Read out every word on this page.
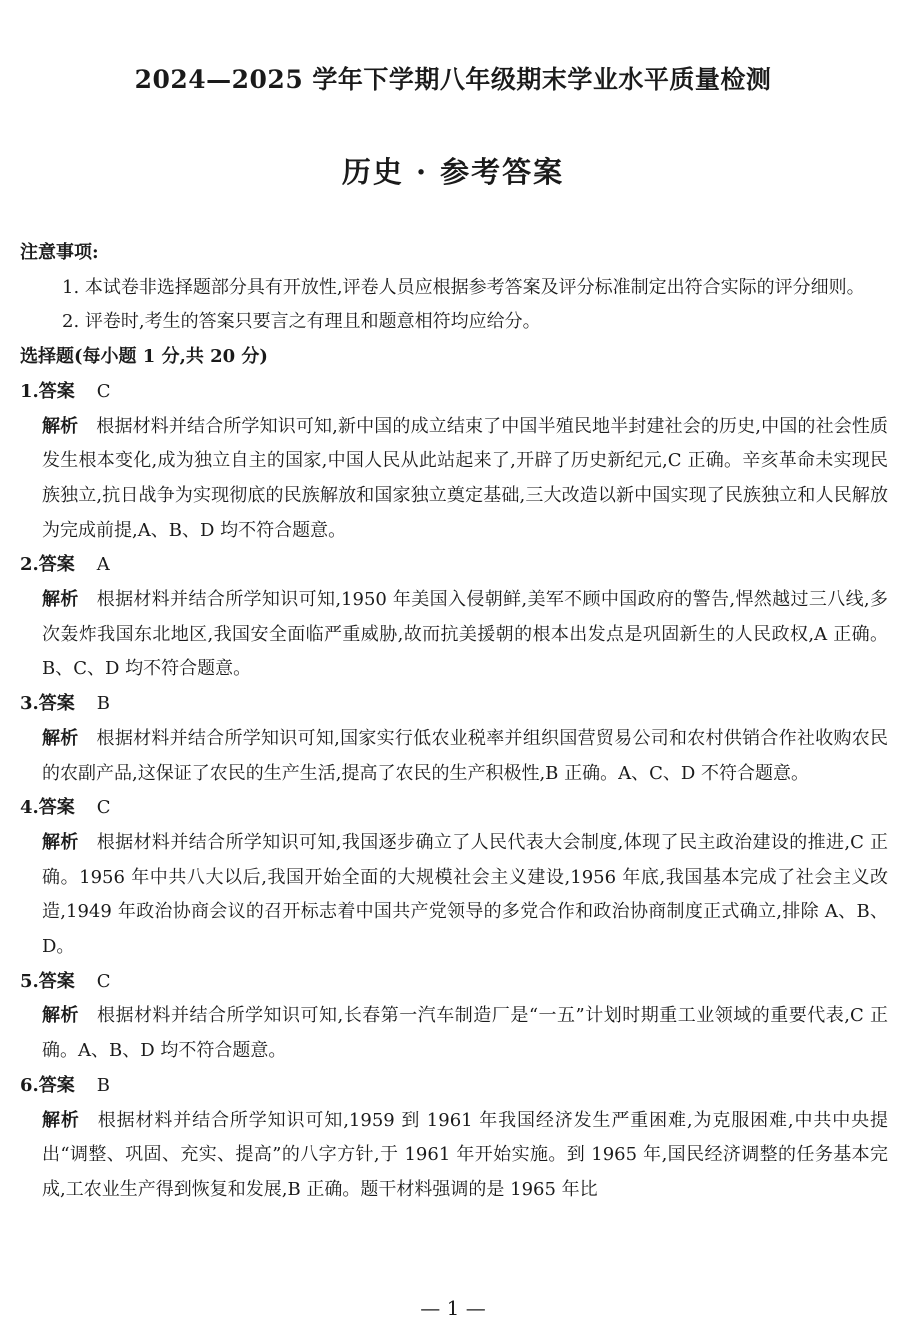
2024—2025 学年下学期八年级期末学业水平质量检测
历史 · 参考答案
注意事项:
1. 本试卷非选择题部分具有开放性,评卷人员应根据参考答案及评分标准制定出符合实际的评分细则。
2. 评卷时,考生的答案只要言之有理且和题意相符均应给分。
选择题(每小题 1 分,共 20 分)
1.答案 C
解析 根据材料并结合所学知识可知,新中国的成立结束了中国半殖民地半封建社会的历史,中国的社会性质发生根本变化,成为独立自主的国家,中国人民从此站起来了,开辟了历史新纪元,C 正确。辛亥革命未实现民族独立,抗日战争为实现彻底的民族解放和国家独立奠定基础,三大改造以新中国实现了民族独立和人民解放为完成前提,A、B、D 均不符合题意。
2.答案 A
解析 根据材料并结合所学知识可知,1950 年美国入侵朝鲜,美军不顾中国政府的警告,悍然越过三八线,多次轰炸我国东北地区,我国安全面临严重威胁,故而抗美援朝的根本出发点是巩固新生的人民政权,A 正确。B、C、D 均不符合题意。
3.答案 B
解析 根据材料并结合所学知识可知,国家实行低农业税率并组织国营贸易公司和农村供销合作社收购农民的农副产品,这保证了农民的生产生活,提高了农民的生产积极性,B 正确。A、C、D 不符合题意。
4.答案 C
解析 根据材料并结合所学知识可知,我国逐步确立了人民代表大会制度,体现了民主政治建设的推进,C 正确。1956 年中共八大以后,我国开始全面的大规模社会主义建设,1956 年底,我国基本完成了社会主义改造,1949 年政治协商会议的召开标志着中国共产党领导的多党合作和政治协商制度正式确立,排除 A、B、D。
5.答案 C
解析 根据材料并结合所学知识可知,长春第一汽车制造厂是“一五”计划时期重工业领域的重要代表,C 正确。A、B、D 均不符合题意。
6.答案 B
解析 根据材料并结合所学知识可知,1959 到 1961 年我国经济发生严重困难,为克服困难,中共中央提出“调整、巩固、充实、提高”的八字方针,于 1961 年开始实施。到 1965 年,国民经济调整的任务基本完成,工农业生产得到恢复和发展,B 正确。题干材料强调的是 1965 年比
— 1 —
